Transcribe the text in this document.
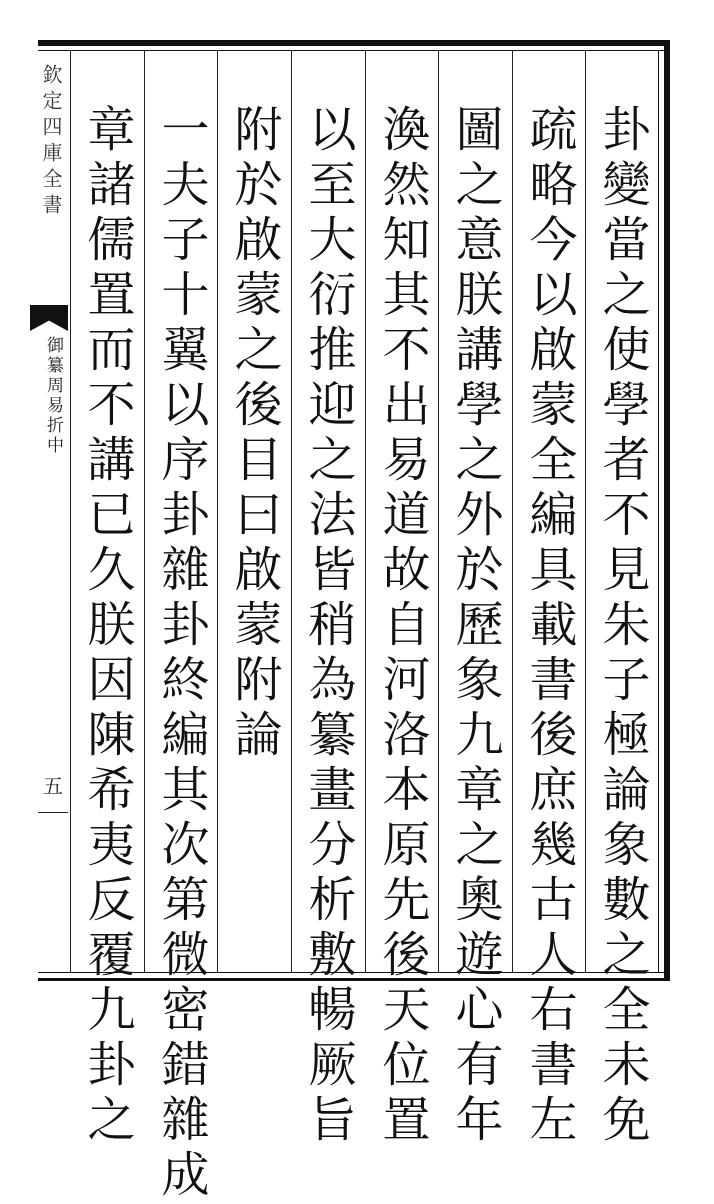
欽定四庫全書
御纂周易折中
五	卦變當之使學者不見朱子極論象數之全未免
疏略今以啟蒙全編具載書後庶幾古人右書左
圖之意朕講學之外於歷象九章之奧遊心有年
渙然知其不出易道故自河洛本原先後天位置
以至大衍推迎之法皆稍為纂畫分析敷暢厥旨
附於啟蒙之後目曰啟蒙附論
一夫子十翼以序卦雜卦終編其次第微密錯雜成
章諸儒置而不講已久朕因陳希夷反覆九卦之
